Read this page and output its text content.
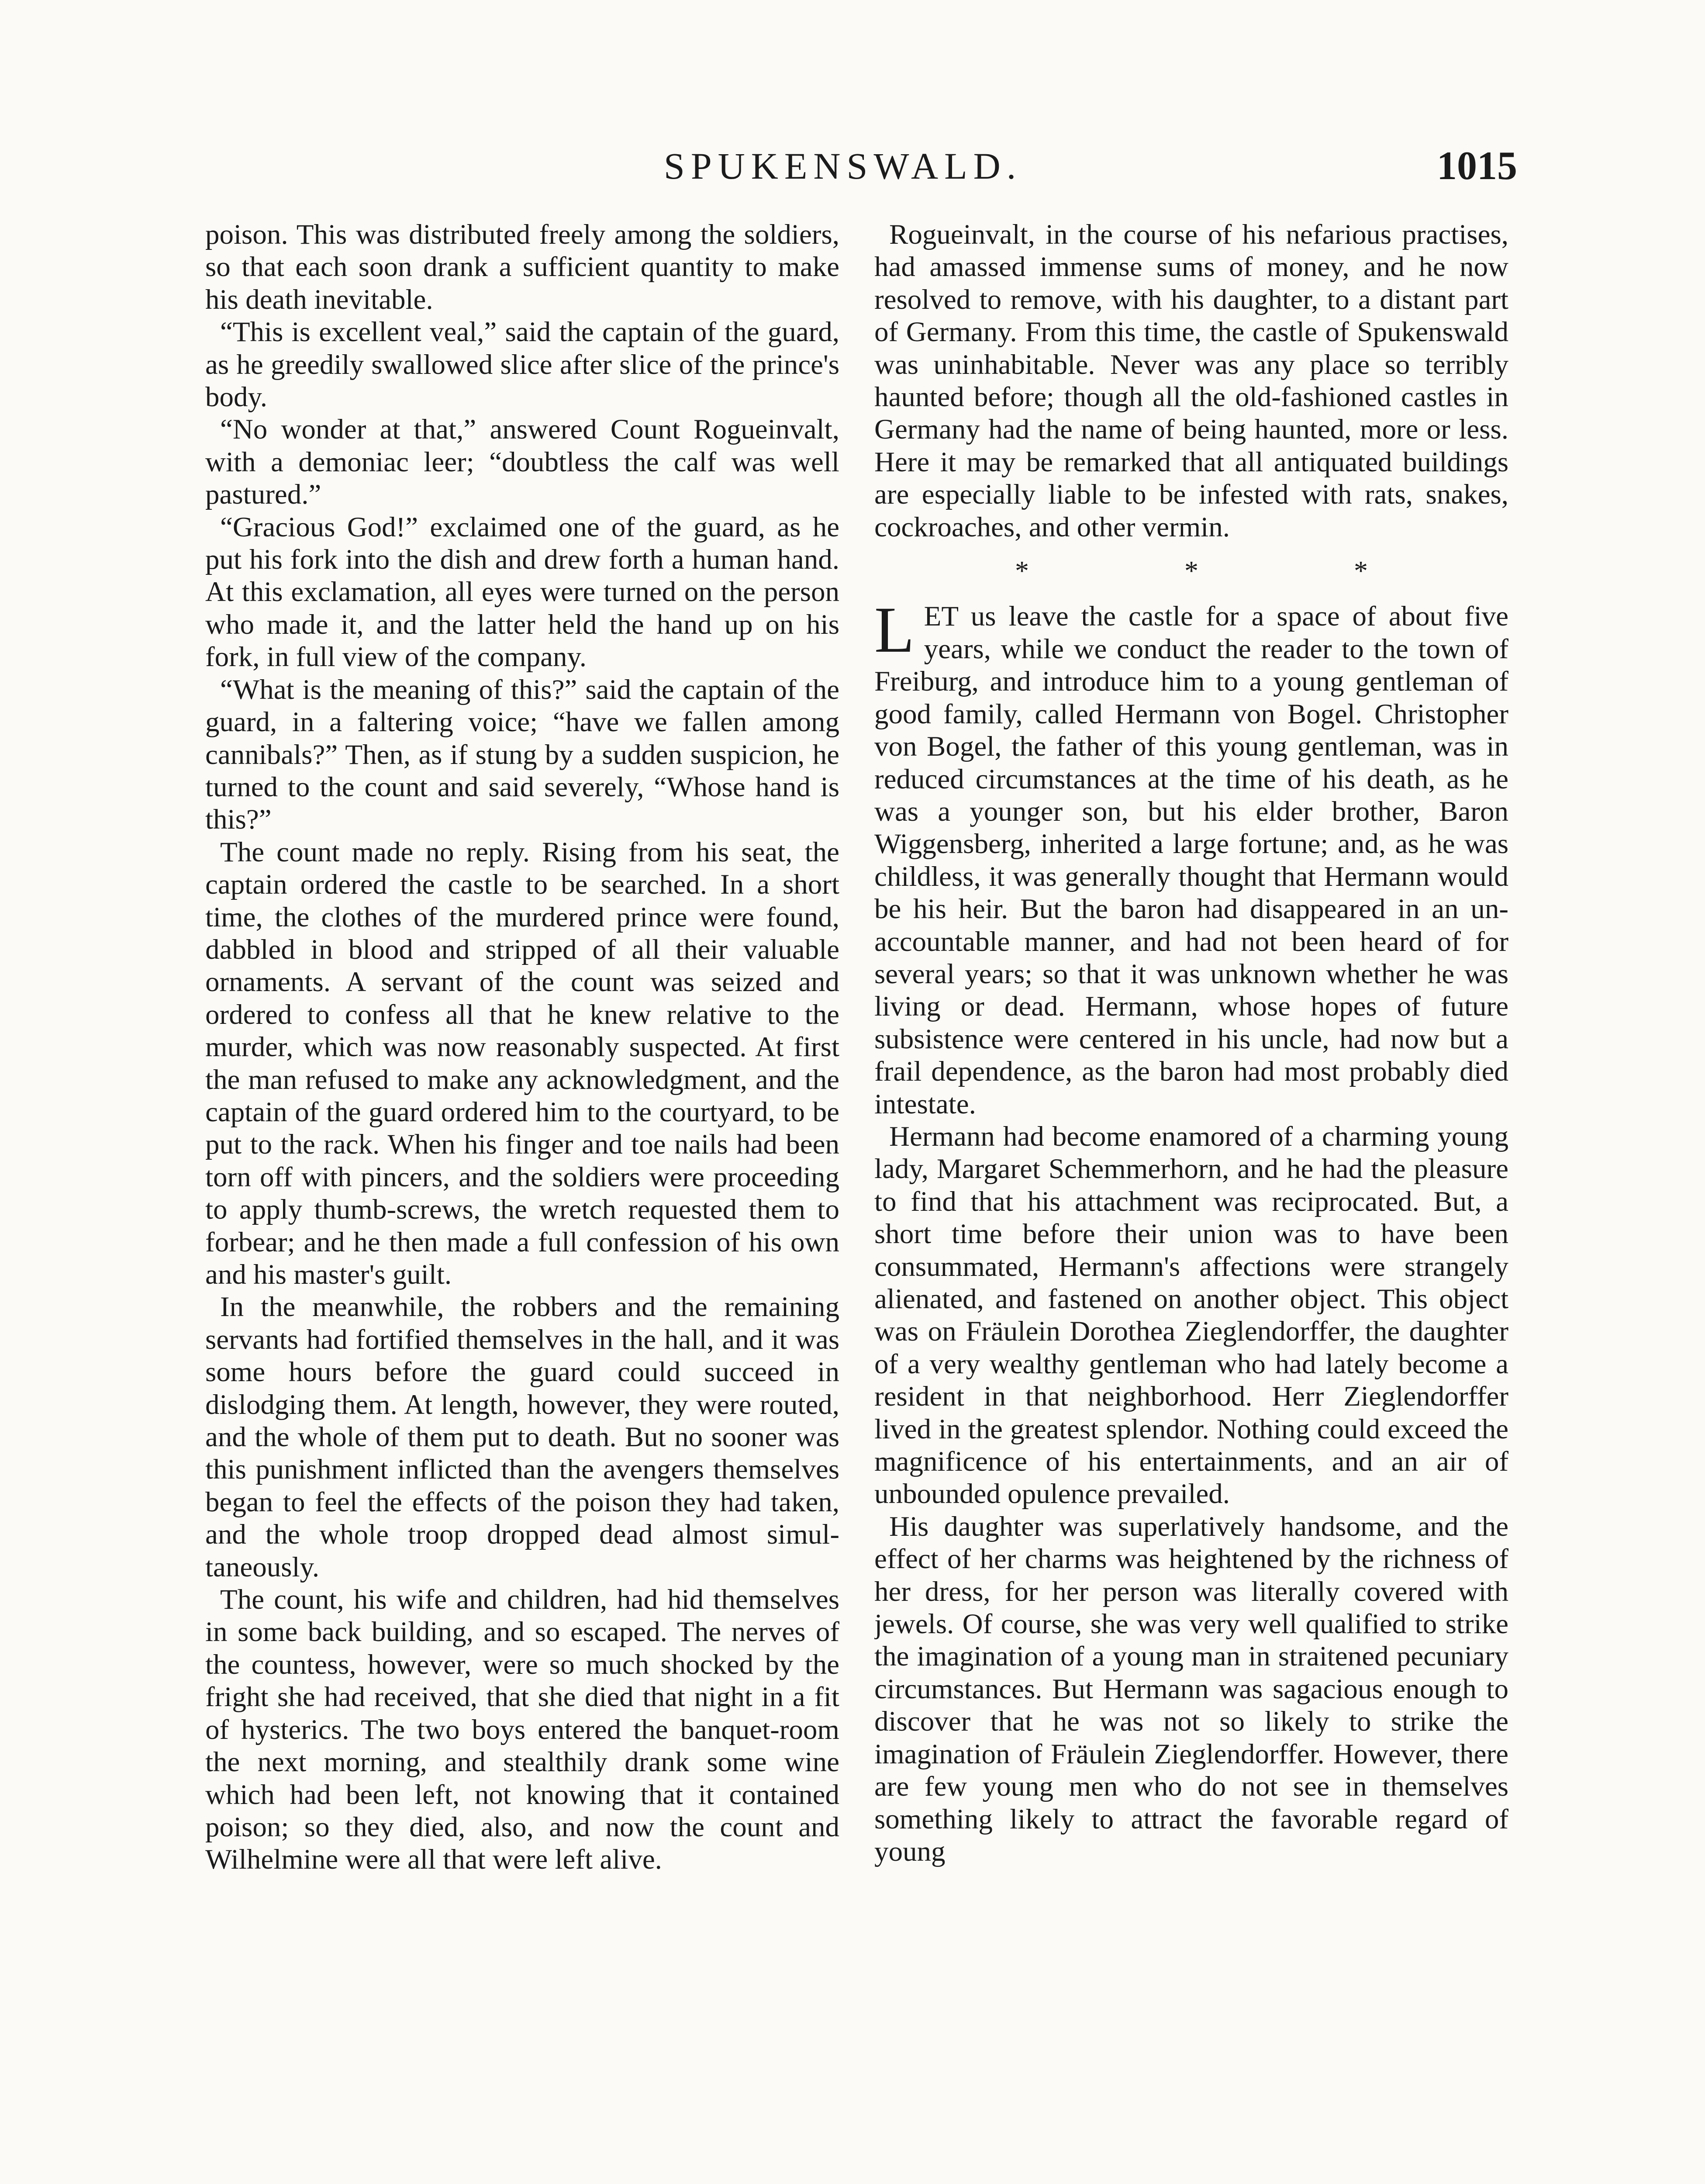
SPUKENSWALD.	1015

poison. This was distributed freely among the soldiers, so that each soon drank a sufficient quantity to make his death inevitable.

“This is excellent veal,” said the captain of the guard, as he greedily swallowed slice after slice of the prince's body.

“No wonder at that,” answered Count Rogueinvalt, with a demoniac leer; “doubtless the calf was well pastured.”

“Gracious God!” exclaimed one of the guard, as he put his fork into the dish and drew forth a human hand. At this exclamation, all eyes were turned on the person who made it, and the latter held the hand up on his fork, in full view of the company.

“What is the meaning of this?” said the captain of the guard, in a faltering voice; “have we fallen among cannibals?” Then, as if stung by a sudden suspicion, he turned to the count and said severely, “Whose hand is this?”

The count made no reply. Rising from his seat, the captain ordered the castle to be searched. In a short time, the clothes of the murdered prince were found, dabbled in blood and stripped of all their valuable ornaments. A servant of the count was seized and ordered to confess all that he knew relative to the murder, which was now reasonably suspected. At first the man refused to make any acknowledgment, and the captain of the guard ordered him to the courtyard, to be put to the rack. When his finger and toe nails had been torn off with pincers, and the soldiers were proceeding to apply thumb-screws, the wretch requested them to forbear; and he then made a full confession of his own and his master's guilt.

In the meanwhile, the robbers and the remaining servants had fortified themselves in the hall, and it was some hours before the guard could succeed in dislodging them. At length, however, they were routed, and the whole of them put to death. But no sooner was this punishment inflicted than the avengers themselves began to feel the effects of the poison they had taken, and the whole troop dropped dead almost simultaneously.

The count, his wife and children, had hid themselves in some back building, and so escaped. The nerves of the countess, however, were so much shocked by the fright she had received, that she died that night in a fit of hysterics. The two boys entered the banquet-room the next morning, and stealthily drank some wine which had been left, not knowing that it contained poison; so they died, also, and now the count and Wilhelmine were all that were left alive.

Rogueinvalt, in the course of his nefarious practises, had amassed immense sums of money, and he now resolved to remove, with his daughter, to a distant part of Germany. From this time, the castle of Spukenswald was uninhabitable. Never was any place so terribly haunted before; though all the old-fashioned castles in Germany had the name of being haunted, more or less. Here it may be remarked that all antiquated buildings are especially liable to be infested with rats, snakes, cockroaches, and other vermin.

* * *

LET us leave the castle for a space of about five years, while we conduct the reader to the town of Freiburg, and introduce him to a young gentleman of good family, called Hermann von Bogel. Christopher von Bogel, the father of this young gentleman, was in reduced circumstances at the time of his death, as he was a younger son, but his elder brother, Baron Wiggensberg, inherited a large fortune; and, as he was childless, it was generally thought that Hermann would be his heir. But the baron had disappeared in an unaccountable manner, and had not been heard of for several years; so that it was unknown whether he was living or dead. Hermann, whose hopes of future subsistence were centered in his uncle, had now but a frail dependence, as the baron had most probably died intestate.

Hermann had become enamored of a charming young lady, Margaret Schemmerhorn, and he had the pleasure to find that his attachment was reciprocated. But, a short time before their union was to have been consummated, Hermann's affections were strangely alienated, and fastened on another object. This object was on Fräulein Dorothea Zieglendorffer, the daughter of a very wealthy gentleman who had lately become a resident in that neighborhood. Herr Zieglendorffer lived in the greatest splendor. Nothing could exceed the magnificence of his entertainments, and an air of unbounded opulence prevailed.

His daughter was superlatively handsome, and the effect of her charms was heightened by the richness of her dress, for her person was literally covered with jewels. Of course, she was very well qualified to strike the imagination of a young man in straitened pecuniary circumstances. But Hermann was sagacious enough to discover that he was not so likely to strike the imagination of Fräulein Zieglendorffer. However, there are few young men who do not see in themselves something likely to attract the favorable regard of young
